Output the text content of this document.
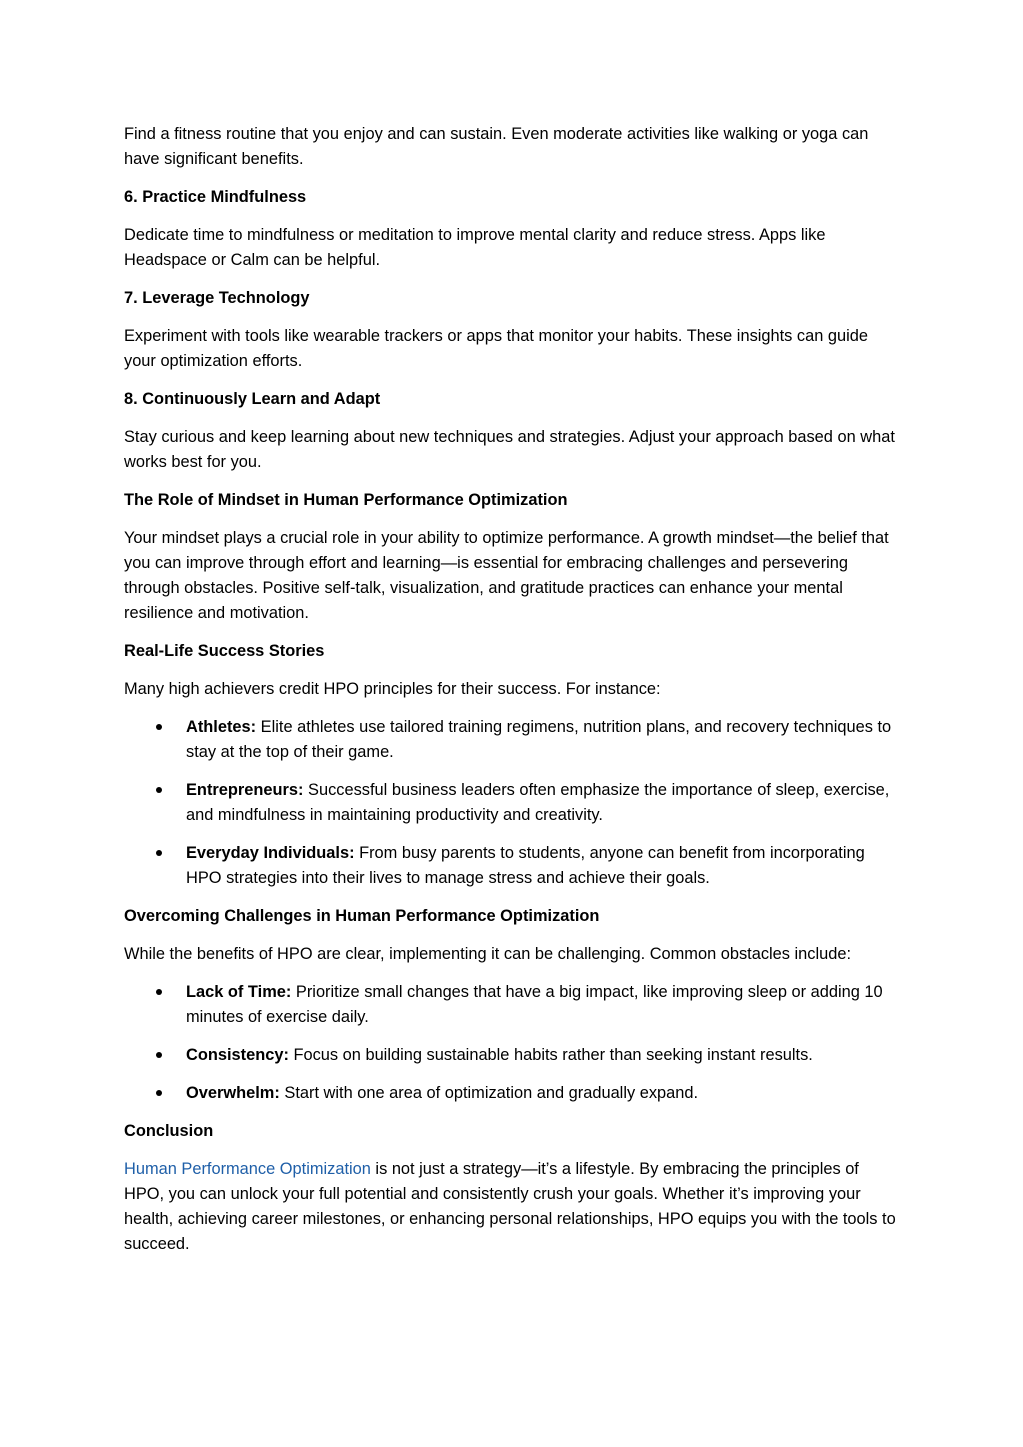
Find a fitness routine that you enjoy and can sustain. Even moderate activities like walking or yoga can have significant benefits.

6. Practice Mindfulness

Dedicate time to mindfulness or meditation to improve mental clarity and reduce stress. Apps like Headspace or Calm can be helpful.

7. Leverage Technology

Experiment with tools like wearable trackers or apps that monitor your habits. These insights can guide your optimization efforts.

8. Continuously Learn and Adapt

Stay curious and keep learning about new techniques and strategies. Adjust your approach based on what works best for you.

The Role of Mindset in Human Performance Optimization

Your mindset plays a crucial role in your ability to optimize performance. A growth mindset—the belief that you can improve through effort and learning—is essential for embracing challenges and persevering through obstacles. Positive self-talk, visualization, and gratitude practices can enhance your mental resilience and motivation.

Real-Life Success Stories

Many high achievers credit HPO principles for their success. For instance:

Athletes: Elite athletes use tailored training regimens, nutrition plans, and recovery techniques to stay at the top of their game.
Entrepreneurs: Successful business leaders often emphasize the importance of sleep, exercise, and mindfulness in maintaining productivity and creativity.
Everyday Individuals: From busy parents to students, anyone can benefit from incorporating HPO strategies into their lives to manage stress and achieve their goals.
Overcoming Challenges in Human Performance Optimization

While the benefits of HPO are clear, implementing it can be challenging. Common obstacles include:

Lack of Time: Prioritize small changes that have a big impact, like improving sleep or adding 10 minutes of exercise daily.
Consistency: Focus on building sustainable habits rather than seeking instant results.
Overwhelm: Start with one area of optimization and gradually expand.
Conclusion

Human Performance Optimization is not just a strategy—it’s a lifestyle. By embracing the principles of HPO, you can unlock your full potential and consistently crush your goals. Whether it’s improving your health, achieving career milestones, or enhancing personal relationships, HPO equips you with the tools to succeed.
